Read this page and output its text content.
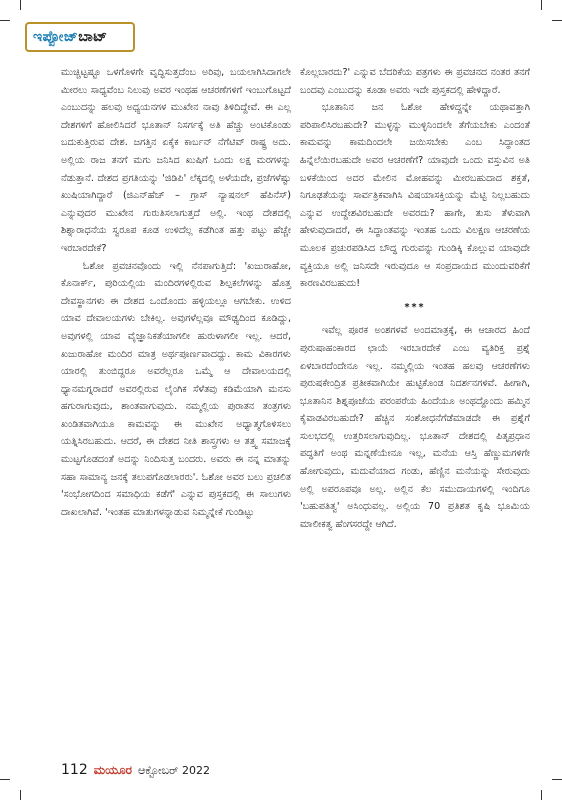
ಇಪ್ಪೋಜ್ ಬಾಟ್

ಮುಚ್ಚಿಟ್ಟಷ್ಟೂ ಒಳಗೊಳಗೇ ವೃದ್ಧಿಸುತ್ತದೆಂಬ ಅರಿವು, ಬಯಲಾಗಿಸಿದಾಗಲೇ ಮೀರಲು ಸಾಧ್ಯವೆಂಬ ನಿಲುವು ಅವರ ಇಂಥಹ ಆಚರಣೆಗಳಿಗೆ ಇಂಬುಗೊಟ್ಟದೆ ಎಂಬುದನ್ನು ಹಲವು ಅಧ್ಯಯನಗಳ ಮುಖೇನ ನಾವು ತಿಳಿದಿದ್ದೇವೆ. ಈ ಎಲ್ಲ ದೇಶಗಳಿಗೆ ಹೋಲಿಸಿದರೆ ಭೂತಾನ್ ನಿಸರ್ಗಕ್ಕೆ ಅತಿ ಹೆಚ್ಚು ಅಂಟಿಕೊಂಡು ಬದುಕುತ್ತಿರುವ ದೇಶ. ಜಗತ್ತಿನ ಏಕೈಕ ಕಾರ್ಬನ್ ನೆಗೆಟಿವ್ ರಾಷ್ಟ್ರ ಅದು. ಅಲ್ಲಿಯ ರಾಜ ತನಗೆ ಮಗು ಜನಿಸಿದ ಖುಷಿಗೆ ಒಂದು ಲಕ್ಷ ಮರಗಳನ್ನು ನೆಡುತ್ತಾನೆ. ದೇಶದ ಪ್ರಗತಿಯನ್ನು 'ಜಿಡಿಪಿ' ಲೆಕ್ಕದಲ್ಲಿ ಅಳೆಯದೇ, ಪ್ರಜೆಗಳೆಷ್ಟು ಖುಷಿಯಾಗಿದ್ದಾರೆ (ಜಿಎನ್‌ಹೆಚ್ – ಗ್ರಾಸ್ ನ್ಯಾಷನಲ್ ಹೆಪಿನೆಸ್) ಎನ್ನುವುದರ ಮುಖೇನ ಗುರುತಿಸಲಾಗುತ್ತದೆ ಅಲ್ಲಿ. ಇಂಥ ದೇಶದಲ್ಲಿ ಶಿಶ್ನಾರಾಧನೆಯ ಸ್ವರೂಪ ಕೂಡ ಉಳಿದೆಲ್ಲ ಕಡೆಗಿಂತ ಹತ್ತು ಪಟ್ಟು ಹೆಚ್ಚೇ ಇರಬಾರದೇಕೆ?

ಓಶೋ ಪ್ರವಚನವೊಂದು ಇಲ್ಲಿ ನೆನಪಾಗುತ್ತಿದೆ: 'ಖಜುರಾಹೋ, ಕೊನಾರ್ಕ್, ಪುರಿಯಲ್ಲಿಯ ಮಂದಿರಗಳಲ್ಲಿರುವ ಶಿಲ್ಪಕಲೆಗಳನ್ನು ಹೊತ್ತ ದೇವಸ್ಥಾನಗಳು ಈ ದೇಶದ ಒಂದೊಂದು ಹಳ್ಳಿಯಲ್ಲೂ ಆಗಬೇಕು. ಉಳಿದ ಯಾವ ದೇವಾಲಯಗಳು ಬೇಕಿಲ್ಲ. ಅವುಗಳೆಲ್ಲವೂ ಮೌಢ್ಯದಿಂದ ಕೂಡಿದ್ದು, ಅವುಗಳಲ್ಲಿ ಯಾವ ವೈಜ್ಞಾನಿಕತೆಯಾಗಲೀ ಹುರುಳಾಗಲೀ ಇಲ್ಲ. ಆದರೆ, ಖಜುರಾಹೋ ಮಂದಿರ ಮಾತ್ರ ಅರ್ಥಪೂರ್ಣವಾದದ್ದು. ಕಾಮ ವಿಕಾರಗಳು ಯಾರಲ್ಲಿ ತುಂಬಿದ್ದರೂ ಅವರೆಲ್ಲರೂ ಒಮ್ಮೆ ಆ ದೇವಾಲಯದಲ್ಲಿ ಧ್ಯಾನಮಗ್ನರಾದರೆ ಅವರಲ್ಲಿರುವ ಲೈಂಗಿಕ ಸೆಳೆತವು ಕಡಿಮೆಯಾಗಿ ಮನಸು ಹಗುರಾಗುವುದು, ಶಾಂತವಾಗುವುದು. ನಮ್ಮಲ್ಲಿಯ ಪುರಾತನ ತಂತ್ರಗಳು ಖಂಡಿತವಾಗಿಯೂ ಕಾಮವನ್ನು ಈ ಮುಖೇನ ಅಧ್ಯಾತ್ಮಗೊಳಿಸಲು ಯತ್ನಿಸಿರಬಹುದು. ಆದರೆ, ಈ ದೇಶದ ನೀತಿ ಶಾಸ್ತ್ರಗಳು ಆ ತತ್ತ್ವ ಸಮಾಜಕ್ಕೆ ಮುಟ್ಟಗೊಡದಂತೆ ಅದನ್ನು ನಿಂದಿಸುತ್ತ ಬಂದರು. ಅವರು ಈ ನನ್ನ ಮಾತನ್ನು ಸಹಾ ಸಾಮಾನ್ಯ ಜನಕ್ಕೆ ತಲುಪಗೊಡಲಾರರು'. ಓಶೋ ಅವರ ಬಲು ಪ್ರಚಲಿತ 'ಸಂಭೋಗದಿಂದ ಸಮಾಧಿಯ ಕಡೆಗೆ' ಎನ್ನುವ ಪುಸ್ತಕದಲ್ಲಿ ಈ ಸಾಲುಗಳು ದಾಖಲಾಗಿವೆ. 'ಇಂತಹ ಮಾತುಗಳನ್ನಾಡುವ ನಿಮ್ಮನ್ನೇಕೆ ಗುಂಡಿಟ್ಟು

ಕೊಲ್ಲಬಾರದು?' ಎನ್ನುವ ಬೆದರಿಕೆಯ ಪತ್ರಗಳು ಈ ಪ್ರವಚನದ ನಂತರ ತನಗೆ ಬಂದವು ಎಂಬುದನ್ನು ಕೂಡಾ ಅವರು ಇದೇ ಪುಸ್ತಕದಲ್ಲಿ ಹೇಳಿದ್ದಾರೆ.

ಭೂತಾನಿನ ಜನ ಓಶೋ ಹೇಳಿದ್ದನ್ನೇ ಯಥಾವತ್ತಾಗಿ ಪರಿಪಾಲಿಸಿರಬಹುದೇ? ಮುಳ್ಳನ್ನು ಮುಳ್ಳಿನಿಂದಲೇ ತೆಗೆಯಬೇಕು ಎಂದಂತೆ ಕಾಮವನ್ನು ಕಾಮದಿಂದಲೇ ಜಯಿಸಬೇಕು ಎಂಬ ಸಿದ್ಧಾಂತದ ಹಿನ್ನೆಲೆಯಿರಬಹುದೇ ಅವರ ಆಚರಣೆಗೆ? ಯಾವುದೇ ಒಂದು ವಸ್ತುವಿನ ಅತಿ ಬಳಕೆಯಿಂದ ಅದರ ಮೇಲಿನ ಮೋಹವನ್ನು ಮೀರಬಹುದಾದ ಶಕ್ತತೆ, ನಿಗೂಢತೆಯನ್ನು ಸಾರ್ವತ್ರಿಕವಾಗಿಸಿ ವಿಷಯಾಸಕ್ತಿಯನ್ನು ಮೆಟ್ಟಿ ನಿಲ್ಲಬಹುದು ಎನ್ನುವ ಉದ್ದೇಶವಿರಬಹುದೇ ಅವರದು? ಹಾಗೇ, ತುಸು ತೆಳುವಾಗಿ ಹೇಳುವುದಾದರೆ, ಈ ಸಿದ್ಧಾಂತವನ್ನು ಇಂತಹ ಒಂದು ವಿಲಕ್ಷಣ ಆಚರಣೆಯ ಮೂಲಕ ಪ್ರಚುರಪಡಿಸಿದ ಬೌದ್ಧ ಗುರುವನ್ನು ಗುಂಡಿಕ್ಕಿ ಕೊಲ್ಲುವ ಯಾವುದೇ ವ್ಯಕ್ತಿಯೂ ಅಲ್ಲಿ ಜನಿಸದೇ ಇರುವುದೂ ಆ ಸಂಪ್ರದಾಯದ ಮುಂದುವರಿಕೆಗೆ ಕಾರಣವಿರಬಹುದು!

***

ಇವೆಲ್ಲ ಪೂರಕ ಅಂಶಗಳವೆ ಅಂದಮಾತ್ರಕ್ಕೆ, ಈ ಆಚಾರದ ಹಿಂದೆ ಪುರುಷಾಹಂಕಾರದ ಛಾಯೆ ಇರಬಾರದೇಕೆ ಎಂಬ ವ್ಯತಿರಿಕ್ತ ಪ್ರಶ್ನೆ ಏಳಬಾರದೆಂದೇನೂ ಇಲ್ಲ. ನಮ್ಮಲ್ಲಿಯ ಇಂತಹ ಹಲವು ಆಚರಣೆಗಳು ಪುರುಷಕೇಂದ್ರಿತ ಪ್ರತೀಕವಾಗಿಯೇ ಹುಟ್ಟಿಕೊಂಡ ನಿದರ್ಶನಗಳಿವೆ. ಹೀಗಾಗಿ, ಭೂತಾನಿನ ಶಿಶ್ನಪೂಜೆಯ ಪರಂಪರೆಯ ಹಿಂದೆಯೂ ಅಂಥದ್ದೊಂದು ಹಮ್ಮಿನ ಕೈವಾಡವಿರಬಹುದೇ? ಹೆಚ್ಚಿನ ಸಂಶೋಧನೆಗೆಡೆಮಾಡದೇ ಈ ಪ್ರಶ್ನೆಗೆ ಸುಲಭದಲ್ಲಿ ಉತ್ತರಿಸಲಾಗುವುದಿಲ್ಲ. ಭೂತಾನ್ ದೇಶದಲ್ಲಿ ಪಿತೃಪ್ರಧಾನ ಪದ್ಧತಿಗೆ ಅಂಥ ಮನ್ನಣೆಯೇನೂ ಇಲ್ಲ, ಮನೆಯ ಆಸ್ತಿ ಹೆಣ್ಣುಮಗಳಿಗೇ ಹೋಗುವುದು, ಮದುವೆಯಾದ ಗಂಡು, ಹೆಣ್ಣಿನ ಮನೆಯನ್ನು ಸೇರುವುದು ಅಲ್ಲಿ ಅಪರೂಪವೂ ಅಲ್ಲ. ಅಲ್ಲಿನ ಕೆಲ ಸಮುದಾಯಗಳಲ್ಲಿ ಇಂದಿಗೂ 'ಬಹುಪತಿತ್ವ' ಅಸಿಂಧುವಲ್ಲ. ಅಲ್ಲಿಯ 70 ಪ್ರತಿಶತ ಕೃಷಿ ಭೂಮಿಯ ಮಾಲೀಕತ್ವ ಹೆಂಗಸರದ್ದೇ ಆಗಿದೆ.

112 ಮಯೂರ ಆಕ್ಟೋಬರ್ 2022
